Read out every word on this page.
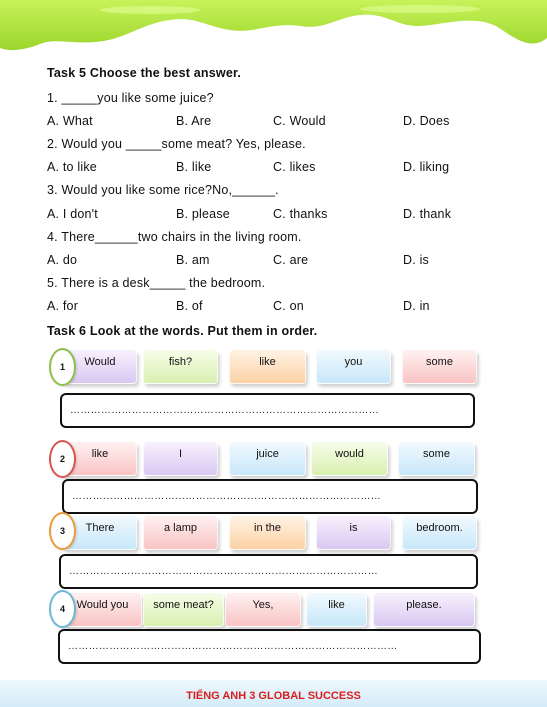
Task 5 Choose the best answer.
1. _____you like some juice?
A. What	B. Are	C. Would	D. Does
2. Would you _____some meat? Yes, please.
A. to like	B. like	C. likes	D. liking
3. Would you like some rice?No,______.
A. I don't	B. please	C. thanks	D. thank
4. There______two chairs in the living room.
A. do	B. am	C. are	D. is
5. There is a desk_____ the bedroom.
A. for	B. of	C. on	D. in
Task 6 Look at the words. Put them in order.
1	Would	fish?	like	you	some
………………………………………………………………………………
2	like	I	juice	would	some
………………………………………………………………………………
3	There	a lamp	in the	is	bedroom.
………………………………………………………………………………
4	Would you	some meat?	Yes,	like	please.
……………………………………………………………………………………
TIẾNG ANH 3 GLOBAL SUCCESS
